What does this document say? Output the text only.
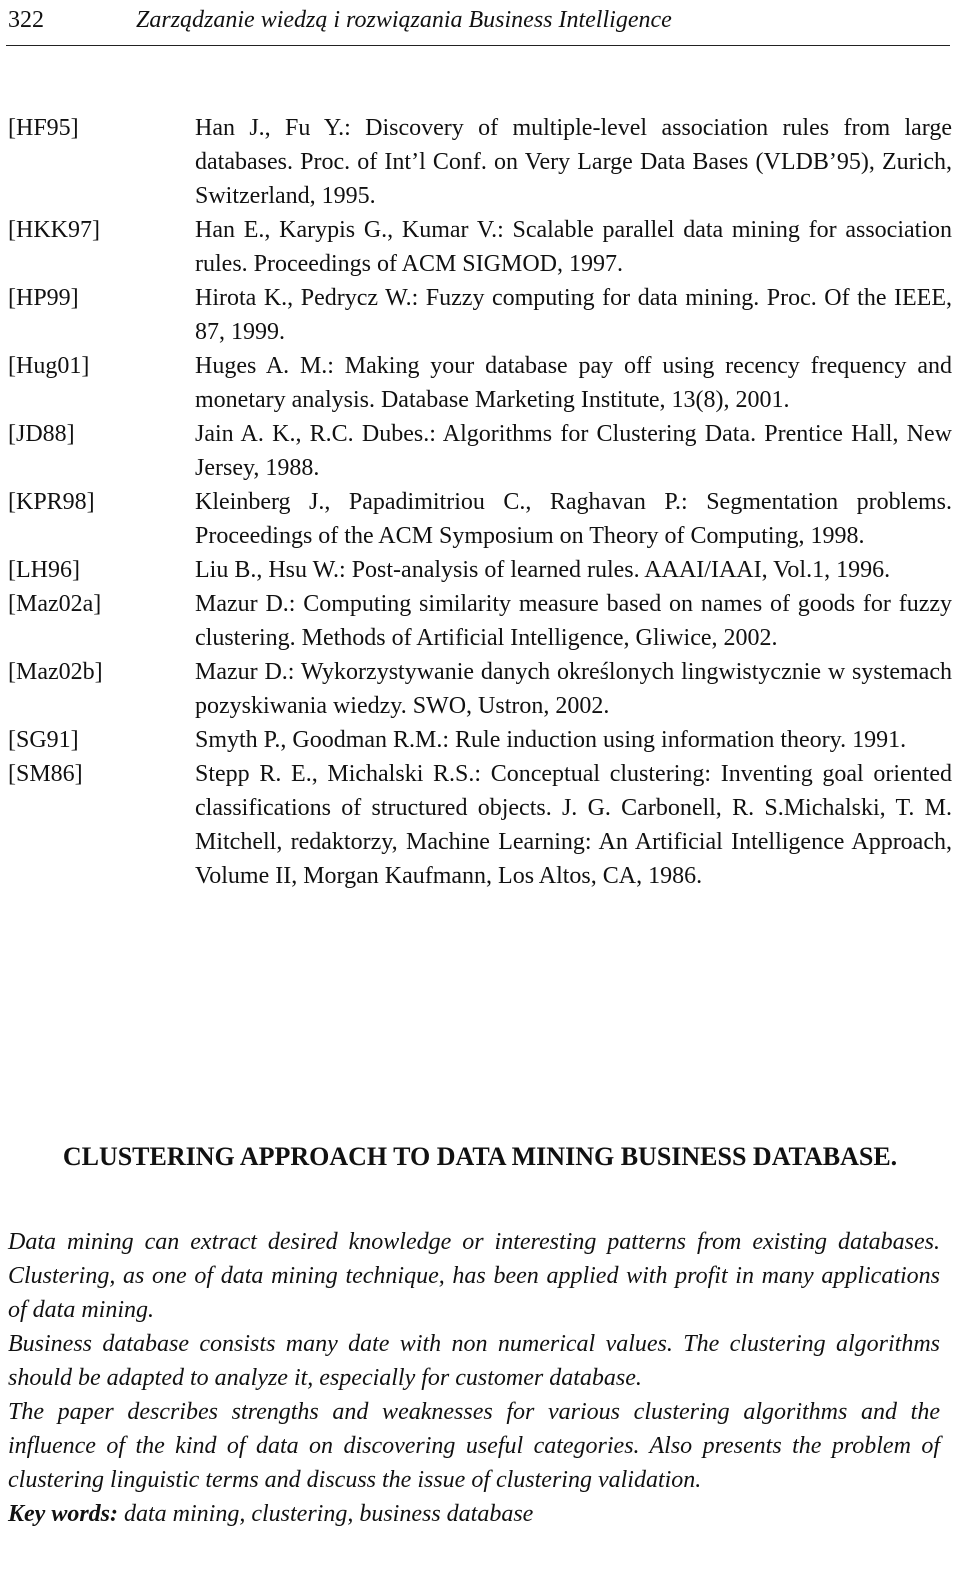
322	Zarządzanie wiedzą i rozwiązania Business Intelligence
[HF95]	Han J., Fu Y.: Discovery of multiple-level association rules from large databases. Proc. of Int’l Conf. on Very Large Data Bases (VLDB’95), Zurich, Switzerland, 1995.
[HKK97]	Han E., Karypis G., Kumar V.: Scalable parallel data mining for association rules. Proceedings of ACM SIGMOD, 1997.
[HP99]	Hirota K., Pedrycz W.: Fuzzy computing for data mining. Proc. Of the IEEE, 87, 1999.
[Hug01]	Huges A. M.: Making your database pay off using recency frequency and monetary analysis. Database Marketing Institute, 13(8), 2001.
[JD88]	Jain A. K., R.C. Dubes.: Algorithms for Clustering Data. Prentice Hall, New Jersey, 1988.
[KPR98]	Kleinberg J., Papadimitriou C., Raghavan P.: Segmentation problems. Proceedings of the ACM Symposium on Theory of Computing, 1998.
[LH96]	Liu B., Hsu W.: Post-analysis of learned rules. AAAI/IAAI, Vol.1, 1996.
[Maz02a]	Mazur D.: Computing similarity measure based on names of goods for fuzzy clustering. Methods of Artificial Intelligence, Gliwice, 2002.
[Maz02b]	Mazur D.: Wykorzystywanie danych określonych lingwistycznie w systemach pozyskiwania wiedzy. SWO, Ustron, 2002.
[SG91]	Smyth P., Goodman R.M.: Rule induction using information theory. 1991.
[SM86]	Stepp R. E., Michalski R.S.: Conceptual clustering: Inventing goal oriented classifications of structured objects. J. G. Carbonell, R. S.Michalski, T. M. Mitchell, redaktorzy, Machine Learning: An Artificial Intelligence Approach, Volume II, Morgan Kaufmann, Los Altos, CA, 1986.
CLUSTERING APPROACH TO DATA MINING BUSINESS DATABASE.

Data mining can extract desired knowledge or interesting patterns from existing databases. Clustering, as one of data mining technique, has been applied with profit in many applications of data mining.

Business database consists many date with non numerical values. The clustering algorithms should be adapted to analyze it, especially for customer database.

The paper describes strengths and weaknesses for various clustering algorithms and the influence of the kind of data on discovering useful categories. Also presents the problem of clustering linguistic terms and discuss the issue of clustering validation.

Key words: data mining, clustering, business database
